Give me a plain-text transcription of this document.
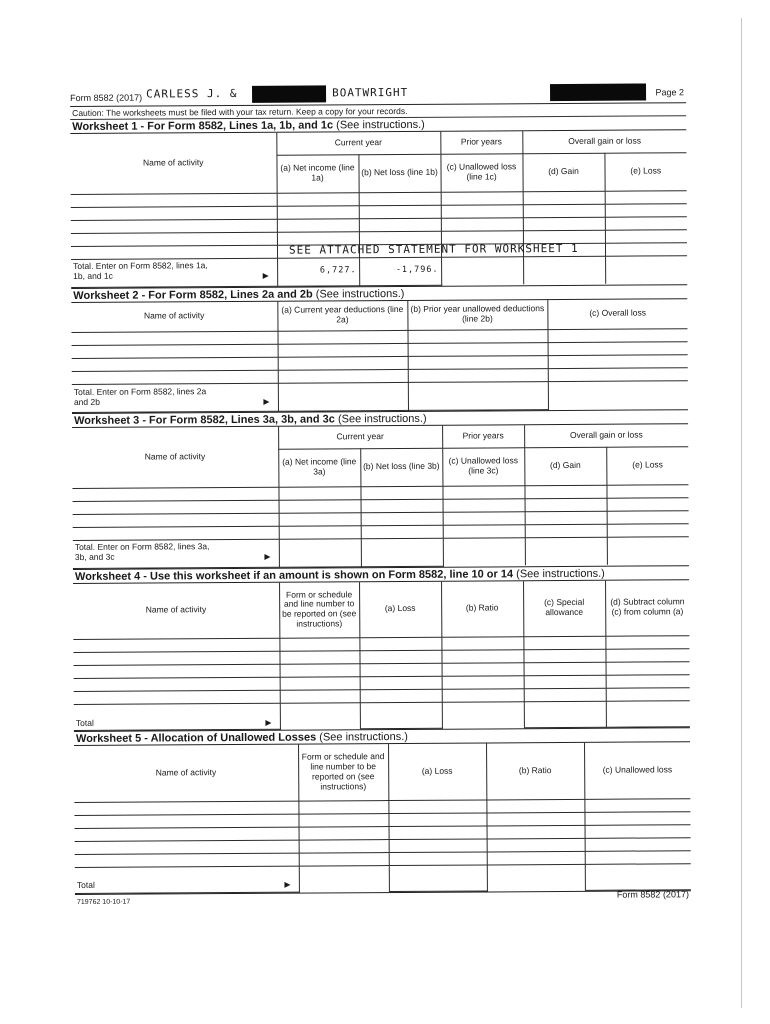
Form 8582 (2017) CARLESS J. &	BOATWRIGHT	Page 2
Caution: The worksheets must be filed with your tax return. Keep a copy for your records.
Worksheet 1 - For Form 8582, Lines 1a, 1b, and 1c (See instructions.)
Name of activity	Current year		Prior years	Overall gain or loss	
	(a) Net income (line 1a)	(b) Net loss (line 1b)	(c) Unallowed loss (line 1c)	(d) Gain	(e) Loss

SEE ATTACHED STATEMENT FOR WORKSHEET 1
Total. Enter on Form 8582, lines 1a,
1b, and 1c ►	6,727.	-1,796.			
Worksheet 2 - For Form 8582, Lines 2a and 2b (See instructions.)
Name of activity	(a) Current year deductions (line 2a)	(b) Prior year unallowed deductions (line 2b)	(c) Overall loss

Total. Enter on Form 8582, lines 2a
and 2b ►			

Worksheet 3 - For Form 8582, Lines 3a, 3b, and 3c (See instructions.)
Name of activity	Current year		Prior years	Overall gain or loss	
	(a) Net income (line 3a)	(b) Net loss (line 3b)	(c) Unallowed loss (line 3c)	(d) Gain	(e) Loss

Total. Enter on Form 8582, lines 3a,
3b, and 3c ►					

Worksheet 4 - Use this worksheet if an amount is shown on Form 8582, line 10 or 14 (See instructions.)
Name of activity	Form or schedule and line number to be reported on (see instructions)	(a) Loss	(b) Ratio	(c) Special allowance	(d) Subtract column (c) from column (a)

Total ►					

Worksheet 5 - Allocation of Unallowed Losses (See instructions.)
Name of activity	Form or schedule and line number to be reported on (see instructions)	(a) Loss	(b) Ratio	(c) Unallowed loss

Total ►				

719762 10-10-17
Form 8582 (2017)
